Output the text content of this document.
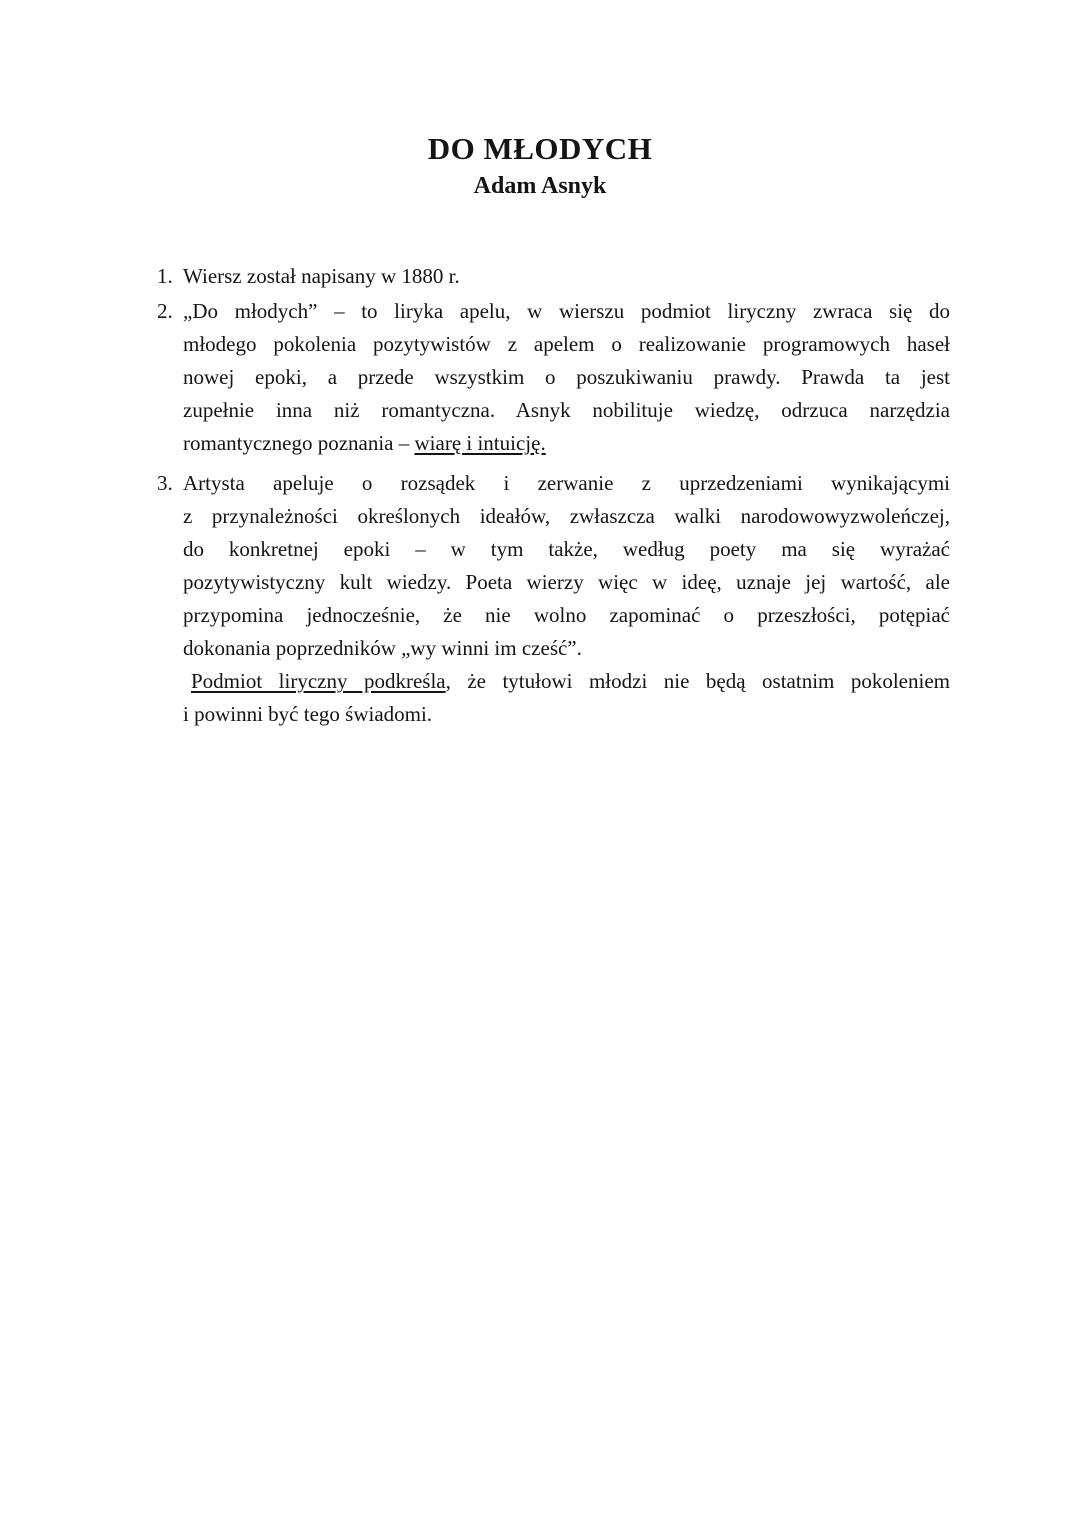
DO MŁODYCH
Adam Asnyk
1. Wiersz został napisany w 1880 r.
2. „Do młodych” – to liryka apelu, w wierszu podmiot liryczny zwraca się do
młodego pokolenia pozytywistów z apelem o realizowanie programowych haseł
nowej epoki, a przede wszystkim o poszukiwaniu prawdy. Prawda ta jest
zupełnie inna niż romantyczna. Asnyk nobilituje wiedzę, odrzuca narzędzia
romantycznego poznania – wiarę i intuicję.
3. Artysta apeluje o rozsądek i zerwanie z uprzedzeniami wynikającymi
z przynależności określonych ideałów, zwłaszcza walki narodowowyzwoleńczej,
do konkretnej epoki – w tym także, według poety ma się wyrażać
pozytywistyczny kult wiedzy. Poeta wierzy więc w ideę, uznaje jej wartość, ale
przypomina jednocześnie, że nie wolno zapominać o przeszłości, potępiać
dokonania poprzedników „wy winni im cześć”.
Podmiot liryczny podkreśla, że tytułowi młodzi nie będą ostatnim pokoleniem
i powinni być tego świadomi.
